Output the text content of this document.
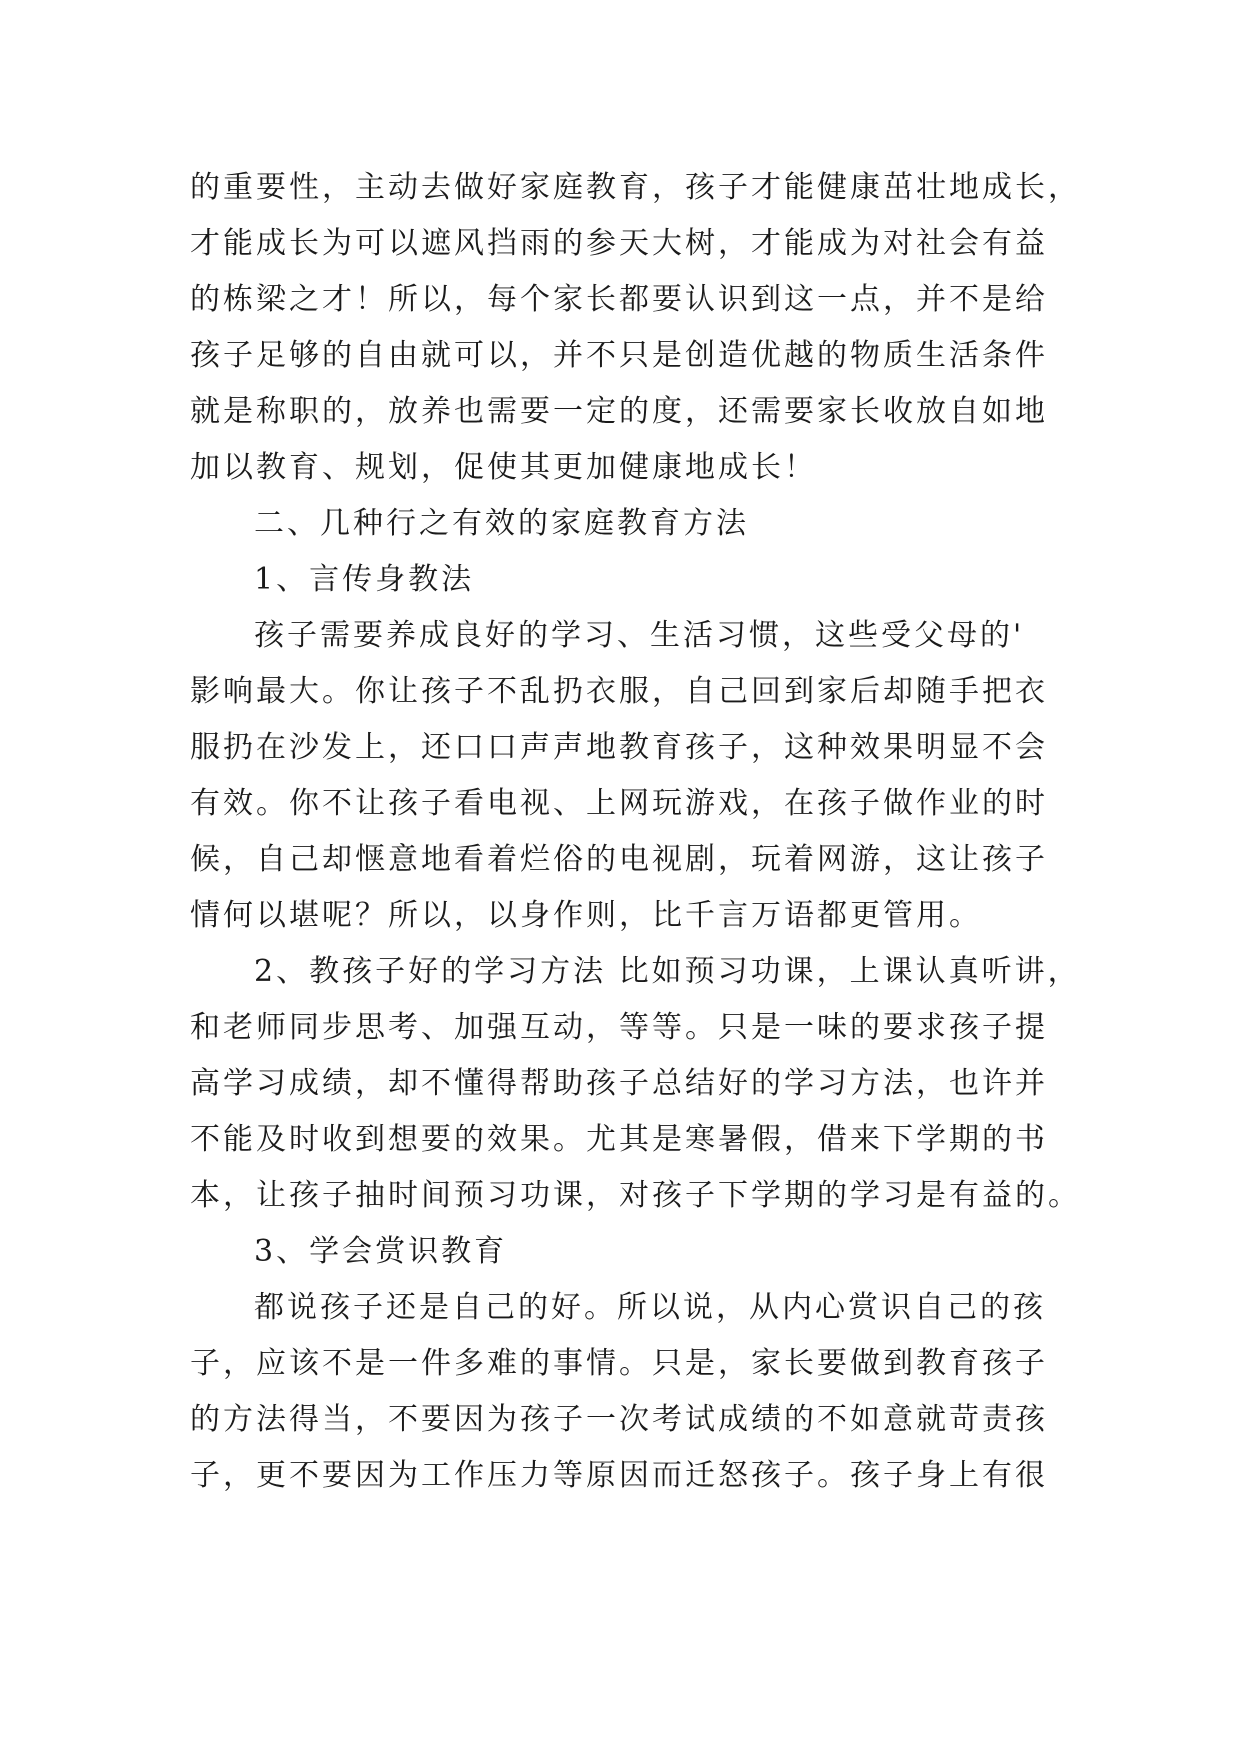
的重要性，主动去做好家庭教育，孩子才能健康茁壮地成长，
才能成长为可以遮风挡雨的参天大树，才能成为对社会有益
的栋梁之才！所以，每个家长都要认识到这一点，并不是给
孩子足够的自由就可以，并不只是创造优越的物质生活条件
就是称职的，放养也需要一定的度，还需要家长收放自如地
加以教育、规划，促使其更加健康地成长！
二、几种行之有效的家庭教育方法
1、言传身教法
孩子需要养成良好的学习、生活习惯，这些受父母的'
影响最大。你让孩子不乱扔衣服，自己回到家后却随手把衣
服扔在沙发上，还口口声声地教育孩子，这种效果明显不会
有效。你不让孩子看电视、上网玩游戏，在孩子做作业的时
候，自己却惬意地看着烂俗的电视剧，玩着网游，这让孩子
情何以堪呢？所以，以身作则，比千言万语都更管用。
2、教孩子好的学习方法 比如预习功课，上课认真听讲，
和老师同步思考、加强互动，等等。只是一味的要求孩子提
高学习成绩，却不懂得帮助孩子总结好的学习方法，也许并
不能及时收到想要的效果。尤其是寒暑假，借来下学期的书
本，让孩子抽时间预习功课，对孩子下学期的学习是有益的。
3、学会赏识教育
都说孩子还是自己的好。所以说，从内心赏识自己的孩
子，应该不是一件多难的事情。只是，家长要做到教育孩子
的方法得当，不要因为孩子一次考试成绩的不如意就苛责孩
子，更不要因为工作压力等原因而迁怒孩子。孩子身上有很
